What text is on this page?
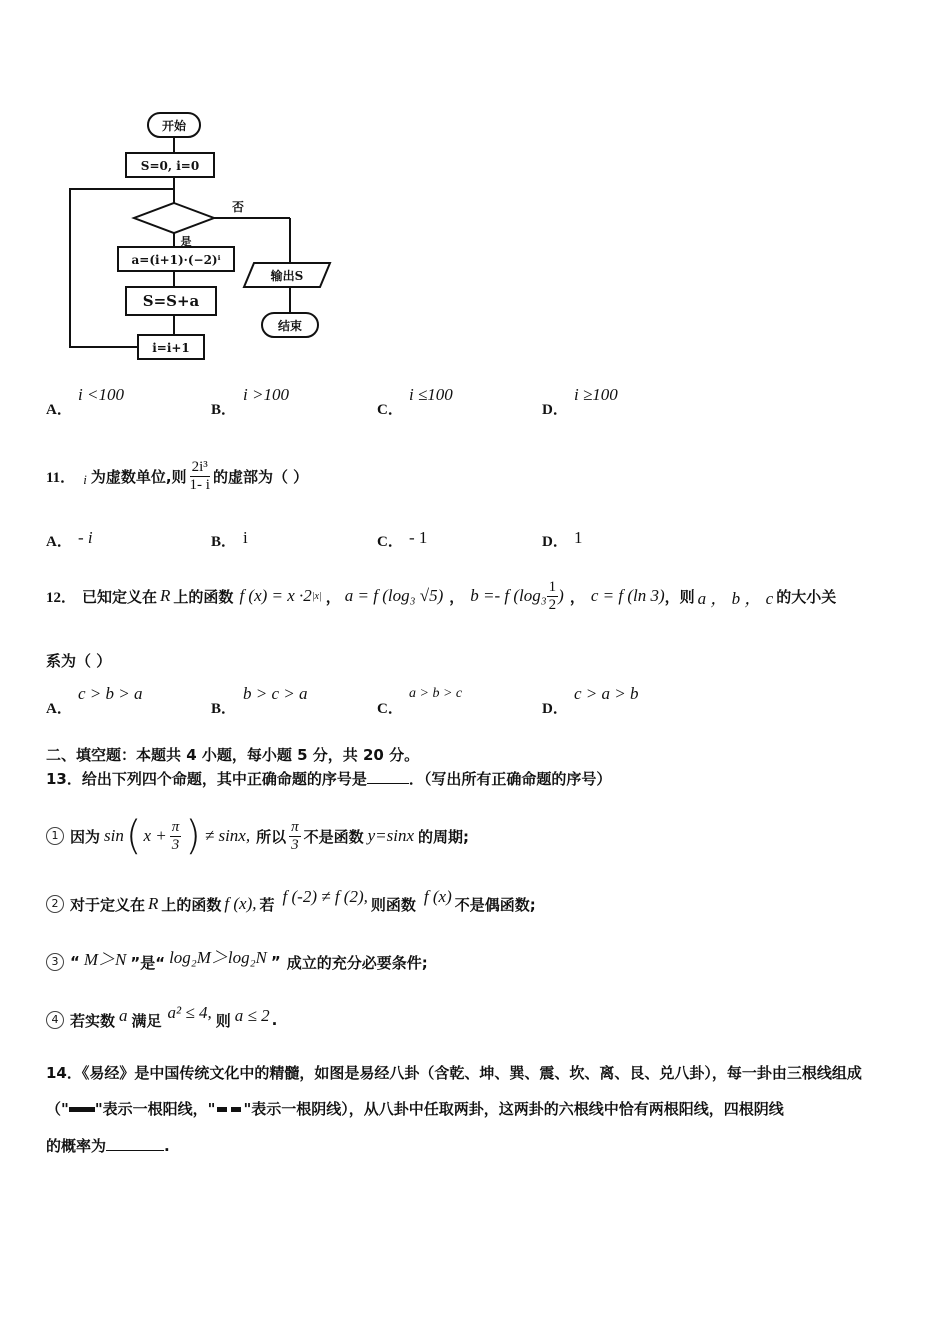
开始
S=0, i=0
否
是
a=(i+1)·(−2)ⁱ
输出S
S=S+a
结束
i=i+1
A．
i <100
B．
i >100
C．
i ≤100
D．
i ≥100
11． i 为虚数单位,则 $\frac{\text{2i³}}{1- i}$ 的虚部为（ ）
A． - i	B． i	C． - 1	D． 1
12． 已知定义在 R 上的函数 f (x) = x ·2 |x| ， a = f (log₃ √5) ， b =- f ($\log_3 \frac{1}{2}$ ) ， c = f (ln 3) ，则 a ， b ， c 的大小关
系为（ ）
A．
c > b > a
B．
b > c > a
C．
a > b > c
D．
c > a > b
二、填空题：本题共 4 小题，每小题 5 分，共 20 分。
13．给出下列四个命题，其中正确命题的序号是	．（写出所有正确命题的序号）
1 因为 sin ( $x + \frac{\pi}{3}$ ) ≠ sinx, 所以 $\frac{\pi}{3}$ 不是函数 y=sinx 的周期;
2 对于定义在 R 上的函数 f (x), 若 f (-2) ≠ f (2), 则函数 f (x) 不是偶函数;
3 “ M＞N ”是“ log₂M＞log₂N ” 成立的充分必要条件;
4 若实数 a 满足 a² ≤ 4, 则 a ≤ 2 .
14．《易经》是中国传统文化中的精髓，如图是易经八卦（含乾、坤、巽、震、坎、离、艮、兑八卦），每一卦由三根线组成
（" "表示一根阳线，" "表示一根阴线），从八卦中任取两卦，这两卦的六根线中恰有两根阳线，四根阴线
的概率为	.
